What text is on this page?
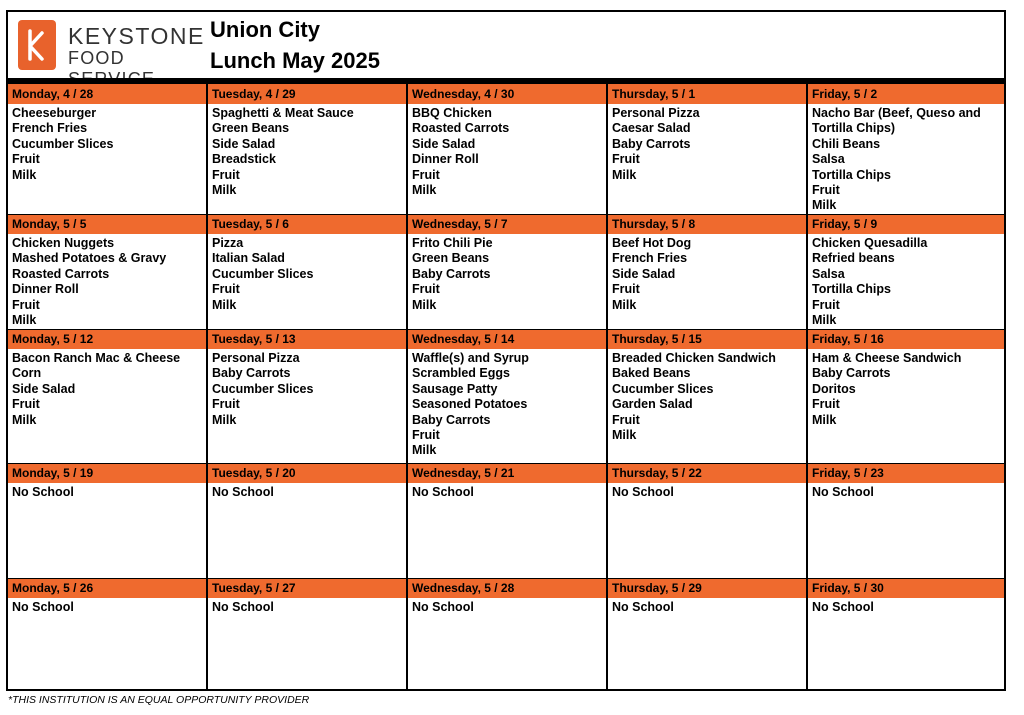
KEYSTONE
FOOD
Union City
Lunch May 2025
Monday, 4 / 28
Cheeseburger
French Fries
Cucumber Slices
Fruit
Milk
Tuesday, 4 / 29
Spaghetti & Meat Sauce
Green Beans
Side Salad
Breadstick
Fruit
Milk
Wednesday, 4 / 30
BBQ Chicken
Roasted Carrots
Side Salad
Dinner Roll
Fruit
Milk
Thursday, 5 / 1
Personal Pizza
Caesar Salad
Baby Carrots
Fruit
Milk
Friday, 5 / 2
Nacho Bar (Beef, Queso and
Tortilla Chips)
Chili Beans
Salsa
Tortilla Chips
Fruit
Milk
Monday, 5 / 5
Chicken Nuggets
Mashed Potatoes & Gravy
Roasted Carrots
Dinner Roll
Fruit
Milk
Tuesday, 5 / 6
Pizza
Italian Salad
Cucumber Slices
Fruit
Milk
Wednesday, 5 / 7
Frito Chili Pie
Green Beans
Baby Carrots
Fruit
Milk
Thursday, 5 / 8
Beef Hot Dog
French Fries
Side Salad
Fruit
Milk
Friday, 5 / 9
Chicken Quesadilla
Refried beans
Salsa
Tortilla Chips
Fruit
Milk
Monday, 5 / 12
Bacon Ranch Mac & Cheese
Corn
Side Salad
Fruit
Milk
Tuesday, 5 / 13
Personal Pizza
Baby Carrots
Cucumber Slices
Fruit
Milk
Wednesday, 5 / 14
Waffle(s) and Syrup
Scrambled Eggs
Sausage Patty
Seasoned Potatoes
Baby Carrots
Fruit
Milk
Thursday, 5 / 15
Breaded Chicken Sandwich
Baked Beans
Cucumber Slices
Garden Salad
Fruit
Milk
Friday, 5 / 16
Ham & Cheese Sandwich
Baby Carrots
Doritos
Fruit
Milk
Monday, 5 / 19
No School
Tuesday, 5 / 20
No School
Wednesday, 5 / 21
No School
Thursday, 5 / 22
No School
Friday, 5 / 23
No School
Monday, 5 / 26
No School
Tuesday, 5 / 27
No School
Wednesday, 5 / 28
No School
Thursday, 5 / 29
No School
Friday, 5 / 30
No School
*THIS INSTITUTION IS AN EQUAL OPPORTUNITY PROVIDER
